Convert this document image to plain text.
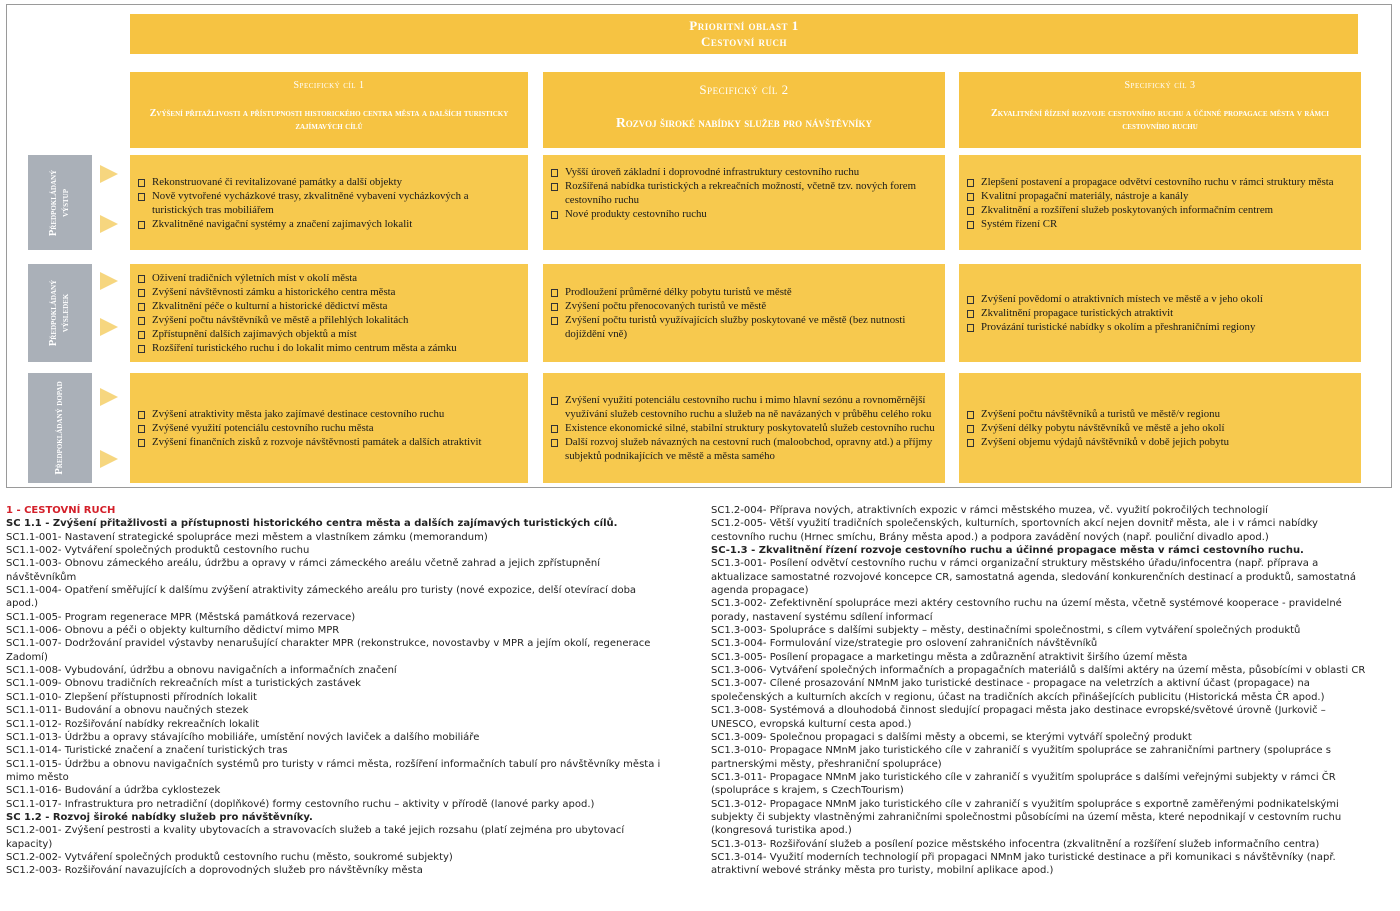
Prioritní oblast 1
Cestovní ruch
Specifický cíl 1
Zvýšení přitažlivosti a přístupnosti historického centra města a dalších turisticky zajímavých cílů
Specifický cíl 2
Rozvoj široké nabídky služeb pro návštěvníky
Specifický cíl 3
Zkvalitnění řízení rozvoje cestovního ruchu a účinné propagace města v rámci cestovního ruchu
Předpokládaný výstup
Předpokládaný výsledek
Předpokládaný dopad
Rekonstruované či revitalizované památky a další objekty
Nově vytvořené vycházkové trasy, zkvalitněné vybavení vycházkových a turistických tras mobiliářem
Zkvalitněné navigační systémy a značení zajímavých lokalit
Vyšší úroveň základní i doprovodné infrastruktury cestovního ruchu
Rozšířená nabídka turistických a rekreačních možností, včetně tzv. nových forem cestovního ruchu
Nové produkty cestovního ruchu
Zlepšení postavení a propagace odvětví cestovního ruchu v rámci struktury města
Kvalitní propagační materiály, nástroje a kanály
Zkvalitnění a rozšíření služeb poskytovaných informačním centrem
Systém řízení CR
Oživení tradičních výletních míst v okolí města
Zvýšení návštěvnosti zámku a historického centra města
Zkvalitnění péče o kulturní a historické dědictví města
Zvýšení počtu návštěvníků ve městě a přilehlých lokalitách
Zpřístupnění dalších zajímavých objektů a míst
Rozšíření turistického ruchu i do lokalit mimo centrum města a zámku
Prodloužení průměrné délky pobytu turistů ve městě
Zvýšení počtu přenocovaných turistů ve městě
Zvýšení počtu turistů využívajících služby poskytované ve městě (bez nutnosti dojíždění vně)
Zvýšení povědomí o atraktivních místech ve městě a v jeho okolí
Zkvalitnění propagace turistických atraktivit
Provázání turistické nabídky s okolím a přeshraničními regiony
Zvýšení atraktivity města jako zajímavé destinace cestovního ruchu
Zvýšené využití potenciálu cestovního ruchu města
Zvýšení finančních zisků z rozvoje návštěvnosti památek a dalších atraktivit
Zvýšení využití potenciálu cestovního ruchu i mimo hlavní sezónu a rovnoměrnější využívání služeb cestovního ruchu a služeb na ně navázaných v průběhu celého roku
Existence ekonomické silné, stabilní struktury poskytovatelů služeb cestovního ruchu
Další rozvoj služeb návazných na cestovní ruch (maloobchod, opravny atd.) a příjmy subjektů podnikajících ve městě a města samého
Zvýšení počtu návštěvníků a turistů ve městě/v regionu
Zvýšení délky pobytu návštěvníků ve městě a jeho okolí
Zvýšení objemu výdajů návštěvníků v době jejich pobytu
1 - CESTOVNÍ RUCH
SC 1.1 - Zvýšení přitažlivosti a přístupnosti historického centra města a dalších zajímavých turistických cílů.
SC1.1-001- Nastavení strategické spolupráce mezi městem a vlastníkem zámku (memorandum)
SC1.1-002- Vytváření společných produktů cestovního ruchu
SC1.1-003- Obnovu zámeckého areálu, údržbu a opravy v rámci zámeckého areálu včetně zahrad a jejich zpřístupnění
návštěvníkům
SC1.1-004- Opatření směřující k dalšímu zvýšení atraktivity zámeckého areálu pro turisty (nové expozice, delší otevírací doba
apod.)
SC1.1-005- Program regenerace MPR (Městská památková rezervace)
SC1.1-006- Obnovu a péči o objekty kulturního dědictví mimo MPR
SC1.1-007- Dodržování pravidel výstavby nenarušující charakter MPR (rekonstrukce, novostavby v MPR a jejím okolí, regenerace
Zadomí)
SC1.1-008- Vybudování, údržbu a obnovu navigačních a informačních značení
SC1.1-009- Obnovu tradičních rekreačních míst a turistických zastávek
SC1.1-010- Zlepšení přístupnosti přírodních lokalit
SC1.1-011- Budování a obnovu naučných stezek
SC1.1-012- Rozšiřování nabídky rekreačních lokalit
SC1.1-013- Údržbu a opravy stávajícího mobiliáře, umístění nových laviček a dalšího mobiliáře
SC1.1-014- Turistické značení a značení turistických tras
SC1.1-015- Údržbu a obnovu navigačních systémů pro turisty v rámci města, rozšíření informačních tabulí pro návštěvníky města i
mimo město
SC1.1-016- Budování a údržba cyklostezek
SC1.1-017- Infrastruktura pro netradiční (doplňkové) formy cestovního ruchu – aktivity v přírodě (lanové parky apod.)
SC 1.2 - Rozvoj široké nabídky služeb pro návštěvníky.
SC1.2-001- Zvýšení pestrosti a kvality ubytovacích a stravovacích služeb a také jejich rozsahu (platí zejména pro ubytovací
kapacity)
SC1.2-002- Vytváření společných produktů cestovního ruchu (město, soukromé subjekty)
SC1.2-003- Rozšiřování navazujících a doprovodných služeb pro návštěvníky města
SC1.2-004- Příprava nových, atraktivních expozic v rámci městského muzea, vč. využití pokročilých technologií
SC1.2-005- Větší využití tradičních společenských, kulturních, sportovních akcí nejen dovnitř města, ale i v rámci nabídky
cestovního ruchu (Hrnec smíchu, Brány města apod.) a podpora zavádění nových (např. pouliční divadlo apod.)
SC-1.3 - Zkvalitnění řízení rozvoje cestovního ruchu a účinné propagace města v rámci cestovního ruchu.
SC1.3-001- Posílení odvětví cestovního ruchu v rámci organizační struktury městského úřadu/infocentra (např. příprava a
aktualizace samostatné rozvojové koncepce CR, samostatná agenda, sledování konkurenčních destinací a produktů, samostatná
agenda propagace)
SC1.3-002- Zefektivnění spolupráce mezi aktéry cestovního ruchu na území města, včetně systémové kooperace - pravidelné
porady, nastavení systému sdílení informací
SC1.3-003- Spolupráce s dalšími subjekty – městy, destinačními společnostmi, s cílem vytváření společných produktů
SC1.3-004- Formulování vize/strategie pro oslovení zahraničních návštěvníků
SC1.3-005- Posílení propagace a marketingu města a zdůraznění atraktivit širšího území města
SC1.3-006- Vytváření společných informačních a propagačních materiálů s dalšími aktéry na území města, působícími v oblasti CR
SC1.3-007- Cílené prosazování NMnM jako turistické destinace - propagace na veletrzích a aktivní účast (propagace) na
společenských a kulturních akcích v regionu, účast na tradičních akcích přinášejících publicitu (Historická města ČR apod.)
SC1.3-008- Systémová a dlouhodobá činnost sledující propagaci města jako destinace evropské/světové úrovně (Jurkovič –
UNESCO, evropská kulturní cesta apod.)
SC1.3-009- Společnou propagaci s dalšími městy a obcemi, se kterými vytváří společný produkt
SC1.3-010- Propagace NMnM jako turistického cíle v zahraničí s využitím spolupráce se zahraničními partnery (spolupráce s
partnerskými městy, přeshraniční spolupráce)
SC1.3-011- Propagace NMnM jako turistického cíle v zahraničí s využitím spolupráce s dalšími veřejnými subjekty v rámci ČR
(spolupráce s krajem, s CzechTourism)
SC1.3-012- Propagace NMnM jako turistického cíle v zahraničí s využitím spolupráce s exportně zaměřenými podnikatelskými
subjekty či subjekty vlastněnými zahraničními společnostmi působícími na území města, které nepodnikají v cestovním ruchu
(kongresová turistika apod.)
SC1.3-013- Rozšiřování služeb a posílení pozice městského infocentra (zkvalitnění a rozšíření služeb informačního centra)
SC1.3-014- Využití moderních technologií při propagaci NMnM jako turistické destinace a při komunikaci s návštěvníky (např.
atraktivní webové stránky města pro turisty, mobilní aplikace apod.)
